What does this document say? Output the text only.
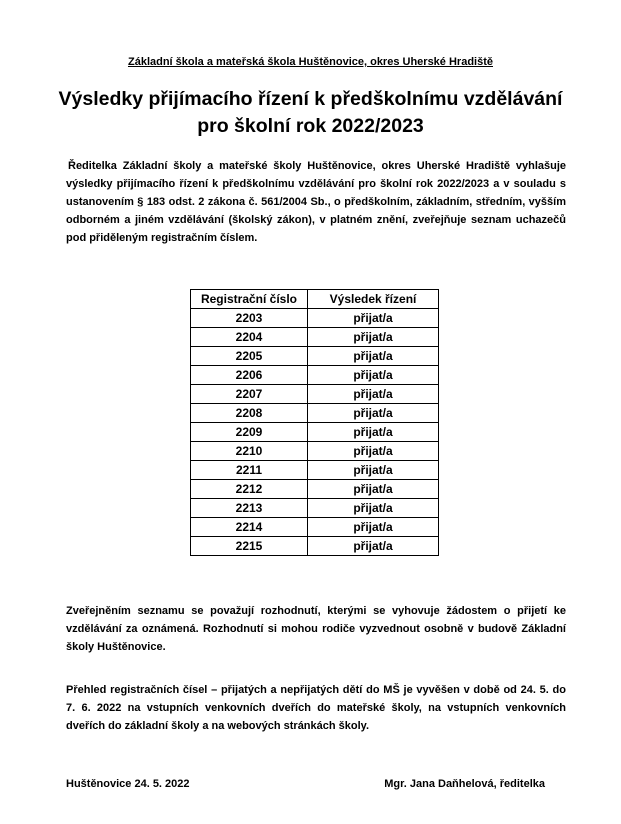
Základní škola a mateřská škola Huštěnovice, okres Uherské Hradiště
Výsledky přijímacího řízení k předškolnímu vzdělávání
pro školní rok 2022/2023
Ředitelka Základní školy a mateřské školy Huštěnovice, okres Uherské Hradiště vyhlašuje výsledky přijímacího řízení k předškolnímu vzdělávání pro školní rok 2022/2023 a v souladu s ustanovením § 183 odst. 2 zákona č. 561/2004 Sb., o předškolním, základním, středním, vyšším odborném a jiném vzdělávání (školský zákon), v platném znění, zveřejňuje seznam uchazečů pod přiděleným registračním číslem.
Registrační číslo	Výsledek řízení
2203	přijat/a
2204	přijat/a
2205	přijat/a
2206	přijat/a
2207	přijat/a
2208	přijat/a
2209	přijat/a
2210	přijat/a
2211	přijat/a
2212	přijat/a
2213	přijat/a
2214	přijat/a
2215	přijat/a
Zveřejněním seznamu se považují rozhodnutí, kterými se vyhovuje žádostem o přijetí ke vzdělávání za oznámená. Rozhodnutí si mohou rodiče vyzvednout osobně v budově Základní školy Huštěnovice.
Přehled registračních čísel – přijatých a nepřijatých dětí do MŠ je vyvěšen v době od 24. 5. do 7. 6. 2022 na vstupních venkovních dveřích do mateřské školy, na vstupních venkovních dveřích do základní školy a na webových stránkách školy.
Huštěnovice 24. 5. 2022	Mgr. Jana Daňhelová, ředitelka
